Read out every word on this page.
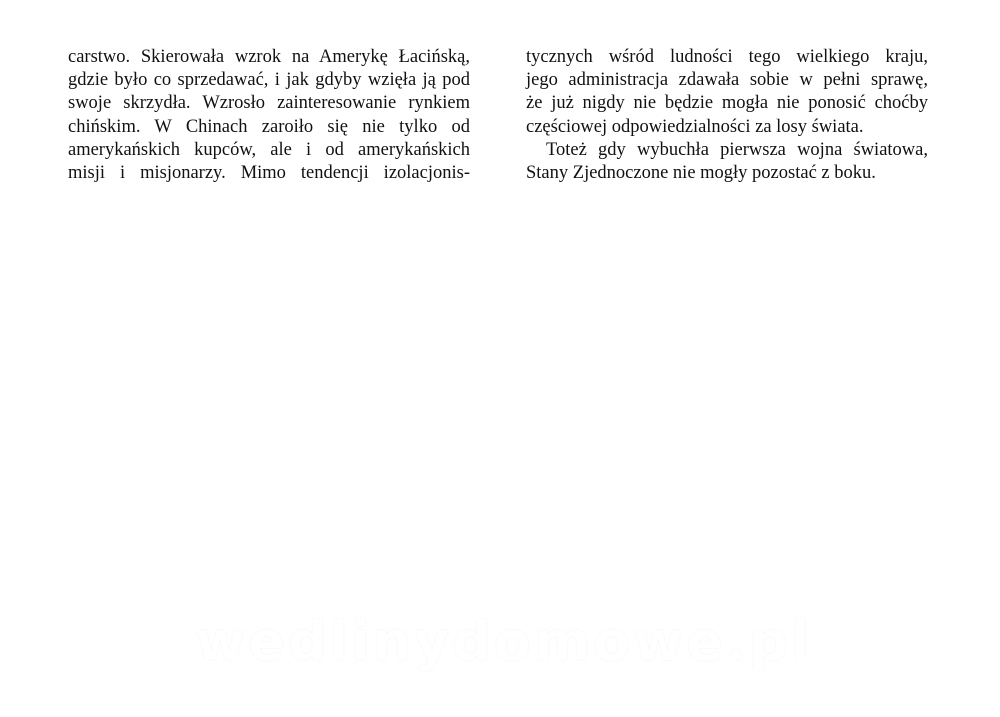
carstwo. Skierowała wzrok na Amerykę Łacińską,
gdzie było co sprzedawać, i jak gdyby wzięła ją pod
swoje skrzydła. Wzrosło zainteresowanie rynkiem
chińskim. W Chinach zaroiło się nie tylko od
amerykańskich kupców, ale i od amerykańskich
misji i misjonarzy. Mimo tendencji izolacjonis-
tycznych wśród ludności tego wielkiego kraju,
jego administracja zdawała sobie w pełni sprawę,
że już nigdy nie będzie mogła nie ponosić choćby
częściowej odpowiedzialności za losy świata.
Toteż gdy wybuchła pierwsza wojna światowa,
Stany Zjednoczone nie mogły pozostać z boku.
wedlinydomowe.pl
